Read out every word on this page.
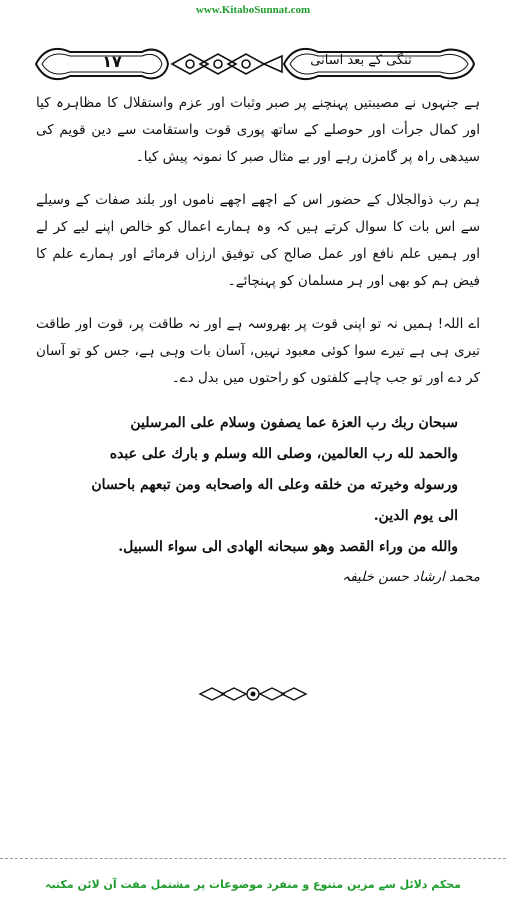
www.KitaboSunnat.com
۱۷	تنگی کے بعد آسانی

ہے جنہوں نے مصیبتیں پہنچنے پر صبر وثبات اور عزم واستقلال کا مظاہرہ کیا اور کمال جرأت اور حوصلے کے ساتھ پوری قوت واستقامت سے دین قویم کی سیدھی راہ پر گامزن رہے اور بے مثال صبر کا نمونہ پیش کیا۔

ہم رب ذوالجلال کے حضور اس کے اچھے اچھے ناموں اور بلند صفات کے وسیلے سے اس بات کا سوال کرتے ہیں کہ وہ ہمارے اعمال کو خالص اپنے لیے کر لے اور ہمیں علم نافع اور عمل صالح کی توفیق ارزاں فرمائے اور ہمارے علم کا فیض ہم کو بھی اور ہر مسلمان کو پہنچائے۔

اے اللہ! ہمیں نہ تو اپنی قوت پر بھروسہ ہے اور نہ طاقت پر، قوت اور طاقت تیری ہی ہے تیرے سوا کوئی معبود نہیں، آسان بات وہی ہے، جس کو تو آسان کر دے اور تو جب چاہے کلفتوں کو راحتوں میں بدل دے۔

سبحان ربك رب العزة عما يصفون وسلام على المرسلين

والحمد لله رب العالمين، وصلى الله وسلم و بارك على عبده

ورسوله وخيرته من خلقه وعلى اله واصحابه ومن تبعهم باحسان

الى يوم الدين.

والله من وراء القصد وهو سبحانه الهادى الى سواء السبيل.

محمد ارشاد حسن خلیفہ
محکم دلائل سے مزین متنوع و منفرد موضوعات پر مشتمل مفت آن لائن مکتبہ
